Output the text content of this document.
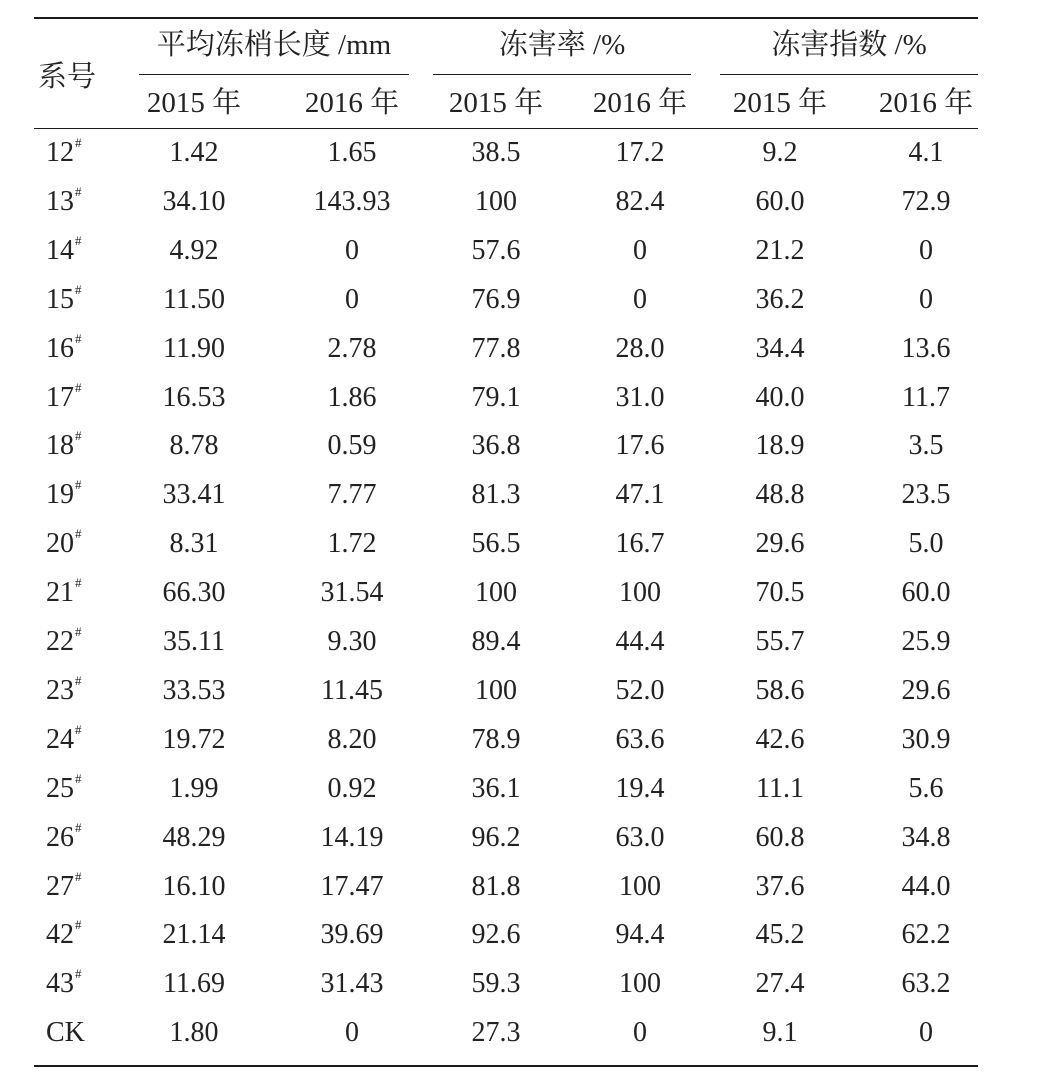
系号
平均冻梢长度 /mm	冻害率 /%	冻害指数 /%
2015 年	2016 年	2015 年	2016 年	2015 年	2016 年
12#	1.42	1.65	38.5	17.2	9.2	4.1
13#	34.10	143.93	100	82.4	60.0	72.9
14#	4.92	0	57.6	0	21.2	0
15#	11.50	0	76.9	0	36.2	0
16#	11.90	2.78	77.8	28.0	34.4	13.6
17#	16.53	1.86	79.1	31.0	40.0	11.7
18#	8.78	0.59	36.8	17.6	18.9	3.5
19#	33.41	7.77	81.3	47.1	48.8	23.5
20#	8.31	1.72	56.5	16.7	29.6	5.0
21#	66.30	31.54	100	100	70.5	60.0
22#	35.11	9.30	89.4	44.4	55.7	25.9
23#	33.53	11.45	100	52.0	58.6	29.6
24#	19.72	8.20	78.9	63.6	42.6	30.9
25#	1.99	0.92	36.1	19.4	11.1	5.6
26#	48.29	14.19	96.2	63.0	60.8	34.8
27#	16.10	17.47	81.8	100	37.6	44.0
42#	21.14	39.69	92.6	94.4	45.2	62.2
43#	11.69	31.43	59.3	100	27.4	63.2
CK	1.80	0	27.3	0	9.1	0
